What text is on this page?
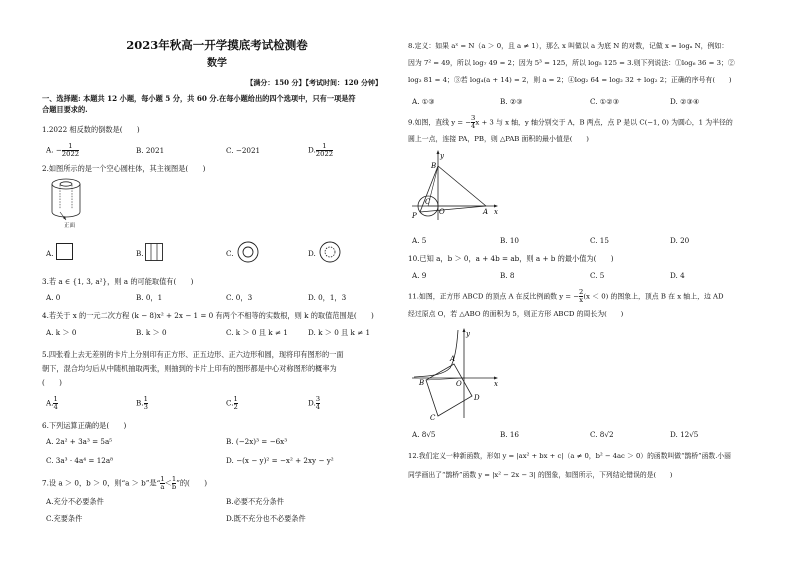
2023年秋高一开学摸底考试检测卷
数学
【满分：150 分】【考试时间：120 分钟】
一、选择题: 本题共 12 小题，每小题 5 分，共 60 分.在每小题给出的四个选项中，只有一项是符
合题目要求的.
1.2022 相反数的倒数是(　　)
A. − $\frac{1}{2022}$	B. 2021	C. −2021	D. $\frac{1}{2022}$
2.如图所示的是一个空心圆柱体，其主视图是(　　)
正面
A.	B.	C.	D.
3.若 a ∈ {1, 3, a²}，则 a 的可能取值有(　　)
A. 0	B. 0，1	C. 0，3	D. 0，1，3
4.若关于 x 的一元二次方程 (k − 8)x² + 2x − 1 = 0 有两个不相等的实数根，则 k 的取值范围是(　　)
A. k ＞ 0	B. k ＞ 0	C. k ＞ 0 且 k ≠ 1	D. k ＞ 0 且 k ≠ 1
5.四张看上去无差别的卡片上分别印有正方形、正五边形、正六边形和圆，现将印有图形的一面
朝下，混合均匀后从中随机抽取两张，则抽到的卡片上印有的图形都是中心对称图形的概率为
(　　)
A. $\frac{1}{4}$	B. $\frac{1}{3}$	C. $\frac{1}{2}$	D. $\frac{3}{4}$
6.下列运算正确的是(　　)
A. 2a² + 3a³ = 5a⁵	B. (−2x)³ = −6x³
C. 3a³ · 4a⁴ = 12a⁸	D. −(x − y)² = −x² + 2xy − y²
7.设 a ＞ 0，b ＞ 0，则“a ＞ b”是“ $\frac{1}{a} < \frac{1}{b}$ ”的(　　)
A.充分不必要条件	B.必要不充分条件
C.充要条件	D.既不充分也不必要条件
8.定义：如果 aˣ = N（a ＞ 0，且 a ≠ 1），那么 x 叫做以 a 为底 N 的对数，记做 x = logₐ N，例如：
因为 7² = 49，所以 log₇ 49 = 2；因为 5³ = 125，所以 log₅ 125 = 3.则下列说法：①log₆ 36 = 3；②
log₃ 81 = 4；③若 log₄(a + 14) = 2，则 a = 2；④log₂ 64 = log₂ 32 + log₂ 2；正确的序号有(　　)
A. ①③	B. ②③	C. ①②③	D. ②③④
9.如图，直线 y = − $\frac{3}{4}$ x + 3 与 x 轴，y 轴分别交于 A，B 两点，点 P 是以 C(−1, 0) 为圆心，1 为半径的
圆上一点，连接 PA，PB，则 △PAB 面积的最小值是(　　)
y
B
P
C
O	A x
A. 5	B. 10	C. 15	D. 20
10.已知 a，b ＞ 0，a + 4b = ab，则 a + b 的最小值为(　　)
A. 9	B. 8	C. 5	D. 4
11.如图，正方形 ABCD 的顶点 A 在反比例函数 y = − $\frac{2}{x} (x < 0)$ 的图象上，顶点 B 在 x 轴上，边 AD
经过原点 O，若 △ABO 的面积为 5，则正方形 ABCD 的周长为(　　)
y
A
B	O	x
D
C
A. 8√5	B. 16	C. 8√2	D. 12√5
12.我们定义一种新函数，形如 y = |ax² + bx + c|（a ≠ 0，b² − 4ac ＞ 0）的函数叫做“鹊桥”函数.小丽
同学画出了“鹊桥”函数 y = |x² − 2x − 3| 的图象，如图所示，下列结论错误的是(　　)
